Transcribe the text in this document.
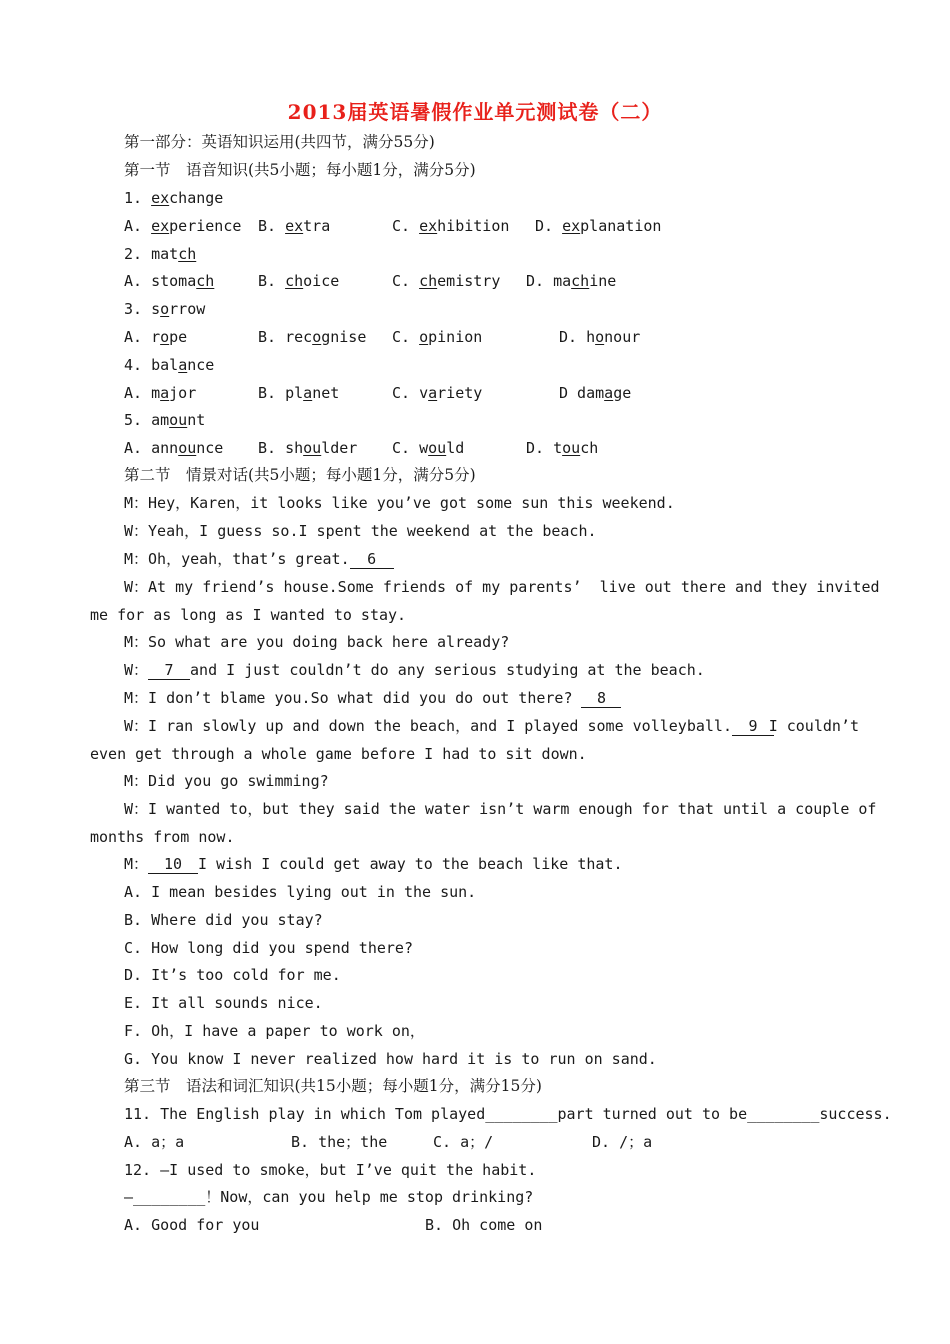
2013届英语暑假作业单元测试卷（二）
第一部分：英语知识运用(共四节，满分55分)
第一节　语音知识(共5小题；每小题1分，满分5分)
1. exchange
A. experience B. extra	C. exhibition D. explanation
2. match
A. stomach	B. choice	C. chemistry D. machine
3. sorrow
A. rope	B. recognise C. opinion	D. honour
4. balance
A. major	B. planet	C. variety	D damage
5. amount
A. announce B. shoulder C. would	D. touch
第二节　情景对话(共5小题；每小题1分，满分5分)
M：Hey，Karen，it looks like you’ve got some sun this weekend.
W：Yeah，I guess so.I spent the weekend at the beach.
M：Oh，yeah，that’s great. 6
W：At my friend’s house.Some friends of my parents’  live out there and they invited
me for as long as I wanted to stay.
M：So what are you doing back here already?
W： 7 and I just couldn’t do any serious studying at the beach.
M：I don’t blame you.So what did you do out there? 8
W：I ran slowly up and down the beach，and I played some volleyball. 9 I couldn’t
even get through a whole game before I had to sit down.
M：Did you go swimming?
W：I wanted to，but they said the water isn’t warm enough for that until a couple of
months from now.
M： 10 I wish I could get away to the beach like that.
A. I mean besides lying out in the sun.
B. Where did you stay?
C. How long did you spend there?
D. It’s too cold for me.
E. It all sounds nice.
F. Oh，I have a paper to work on，
G. You know I never realized how hard it is to run on sand.
第三节　语法和词汇知识(共15小题；每小题1分，满分15分)
11. The English play in which Tom played________part turned out to be________success.

A. a；a

	B. the；the

	C. a；/

	D. /；a

12. —I used to smoke，but I’ve quit the habit.
—________！Now，can you help me stop drinking?

A. Good for you

	B. Oh come on
